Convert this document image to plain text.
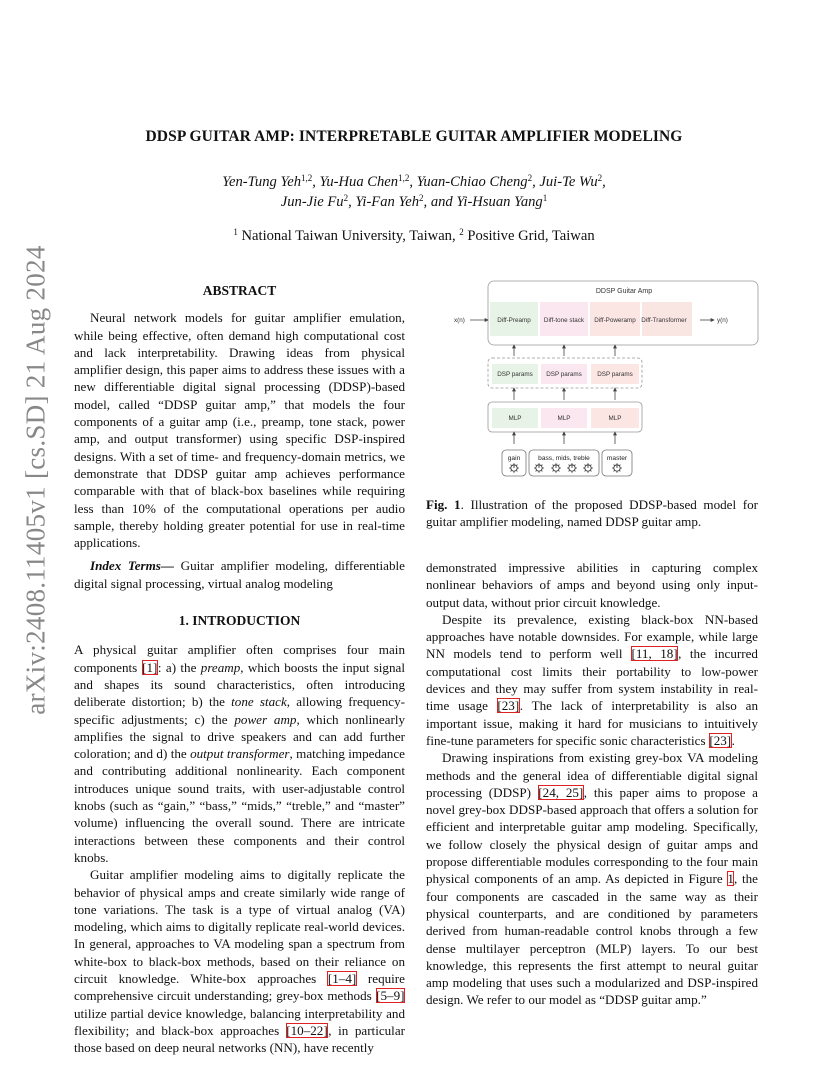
arXiv:2408.11405v1 [cs.SD] 21 Aug 2024
DDSP GUITAR AMP: INTERPRETABLE GUITAR AMPLIFIER MODELING
Yen-Tung Yeh$^{1,2}$, Yu-Hua Chen$^{1,2}$, Yuan-Chiao Cheng$^2$, Jui-Te Wu$^2$,
Jun-Jie Fu$^2$, Yi-Fan Yeh$^2$, and Yi-Hsuan Yang$^1$
$^1$ National Taiwan University, Taiwan, $^2$ Positive Grid, Taiwan
ABSTRACT

Neural network models for guitar amplifier emulation, while being effective, often demand high computational cost and lack interpretability. Drawing ideas from physical amplifier design, this paper aims to address these issues with a new differentiable digital signal processing (DDSP)-based model, called “DDSP guitar amp,” that models the four components of a guitar amp (i.e., preamp, tone stack, power amp, and output transformer) using specific DSP-inspired designs. With a set of time- and frequency-domain metrics, we demonstrate that DDSP guitar amp achieves performance comparable with that of black-box baselines while requiring less than 10% of the computational operations per audio sample, thereby holding greater potential for use in real-time applications.

Index Terms— Guitar amplifier modeling, differentiable digital signal processing, virtual analog modeling

1. INTRODUCTION

A physical guitar amplifier often comprises four main components [1]: a) the preamp, which boosts the input signal and shapes its sound characteristics, often introducing deliberate distortion; b) the tone stack, allowing frequency-specific adjustments; c) the power amp, which nonlinearly amplifies the signal to drive speakers and can add further coloration; and d) the output transformer, matching impedance and contributing additional nonlinearity. Each component introduces unique sound traits, with user-adjustable control knobs (such as “gain,” “bass,” “mids,” “treble,” and “master” volume) influencing the overall sound. There are intricate interactions between these components and their control knobs.

Guitar amplifier modeling aims to digitally replicate the behavior of physical amps and create similarly wide range of tone variations. The task is a type of virtual analog (VA) modeling, which aims to digitally replicate real-world devices. In general, approaches to VA modeling span a spectrum from white-box to black-box methods, based on their reliance on circuit knowledge. White-box approaches [1–4] require comprehensive circuit understanding; grey-box methods [5–9] utilize partial device knowledge, balancing interpretability and flexibility; and black-box approaches [10–22], in particular those based on deep neural networks (NN), have recently

DDSP Guitar Amp
Diff-Preamp Diff-tone stack Diff-Poweramp Diff-Transformer
x(n)	y(n)
DSP params DSP params DSP params
MLP	MLP	MLP
gain	bass, mids, treble	master
Fig. 1. Illustration of the proposed DDSP-based model for guitar amplifier modeling, named DDSP guitar amp.

demonstrated impressive abilities in capturing complex nonlinear behaviors of amps and beyond using only input-output data, without prior circuit knowledge.

Despite its prevalence, existing black-box NN-based approaches have notable downsides. For example, while large NN models tend to perform well [11, 18], the incurred computational cost limits their portability to low-power devices and they may suffer from system instability in real-time usage [23]. The lack of interpretability is also an important issue, making it hard for musicians to intuitively fine-tune parameters for specific sonic characteristics [23].

Drawing inspirations from existing grey-box VA modeling methods and the general idea of differentiable digital signal processing (DDSP) [24, 25], this paper aims to propose a novel grey-box DDSP-based approach that offers a solution for efficient and interpretable guitar amp modeling. Specifically, we follow closely the physical design of guitar amps and propose differentiable modules corresponding to the four main physical components of an amp. As depicted in Figure 1, the four components are cascaded in the same way as their physical counterparts, and are conditioned by parameters derived from human-readable control knobs through a few dense multilayer perceptron (MLP) layers. To our best knowledge, this represents the first attempt to neural guitar amp modeling that uses such a modularized and DSP-inspired design. We refer to our model as “DDSP guitar amp.”
